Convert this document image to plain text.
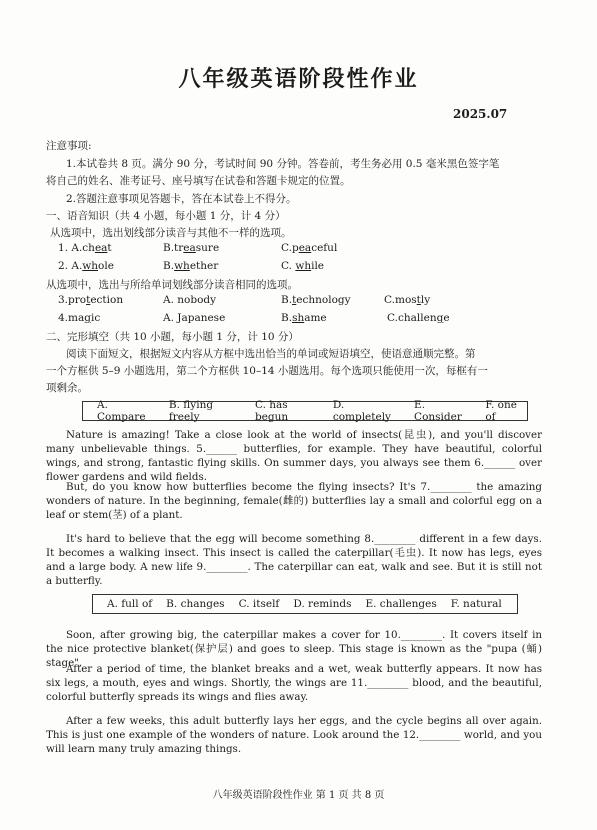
八年级英语阶段性作业
2025.07
注意事项:
1.本试卷共 8 页。满分 90 分，考试时间 90 分钟。答卷前，考生务必用 0.5 毫米黑色签字笔
将自己的姓名、准考证号、座号填写在试卷和答题卡规定的位置。
2.答题注意事项见答题卡，答在本试卷上不得分。
一、语音知识（共 4 小题，每小题 1 分，计 4 分）
从选项中，选出划线部分读音与其他不一样的选项。
1. A.cheat	B.treasure	C.peaceful
2. A.whole	B.whether	C. while
从选项中，选出与所给单词划线部分读音相同的选项。
3.protection	A. nobody	B.technology	C.mostly
4.magic	A. Japanese	B.shame	C.challenge
二、完形填空（共 10 小题，每小题 1 分，计 10 分）
阅读下面短文，根据短文内容从方框中选出恰当的单词或短语填空，使语意通顺完整。第
一个方框供 5–9 小题选用，第二个方框供 10–14 小题选用。每个选项只能使用一次，每框有一
项剩余。
A. Compare
B. flying freely
C. has begun
D. completely
E. Consider
F. one of
Nature is amazing! Take a close look at the world of insects(昆虫), and you'll discover many unbelievable things. 5.______ butterflies, for example. They have beautiful, colorful wings, and strong, fantastic flying skills. On summer days, you always see them 6.______ over flower gardens and wild fields.
But, do you know how butterflies become the flying insects? It's 7.________ the amazing wonders of nature. In the beginning, female(雌的) butterflies lay a small and colorful egg on a leaf or stem(茎) of a plant.
It's hard to believe that the egg will become something 8.________ different in a few days. It becomes a walking insect. This insect is called the caterpillar(毛虫). It now has legs, eyes and a large body. A new life 9.________. The caterpillar can eat, walk and see. But it is still not a butterfly.
A. full of B. changes C. itself D. reminds E. challenges F. natural
Soon, after growing big, the caterpillar makes a cover for 10.________. It covers itself in the nice protective blanket(保护层) and goes to sleep. This stage is known as the "pupa (蛹) stage".
After a period of time, the blanket breaks and a wet, weak butterfly appears. It now has six legs, a mouth, eyes and wings. Shortly, the wings are 11.________ blood, and the beautiful, colorful butterfly spreads its wings and flies away.
After a few weeks, this adult butterfly lays her eggs, and the cycle begins all over again. This is just one example of the wonders of nature. Look around the 12.________ world, and you will learn many truly amazing things.
八年级英语阶段性作业 第 1 页 共 8 页
